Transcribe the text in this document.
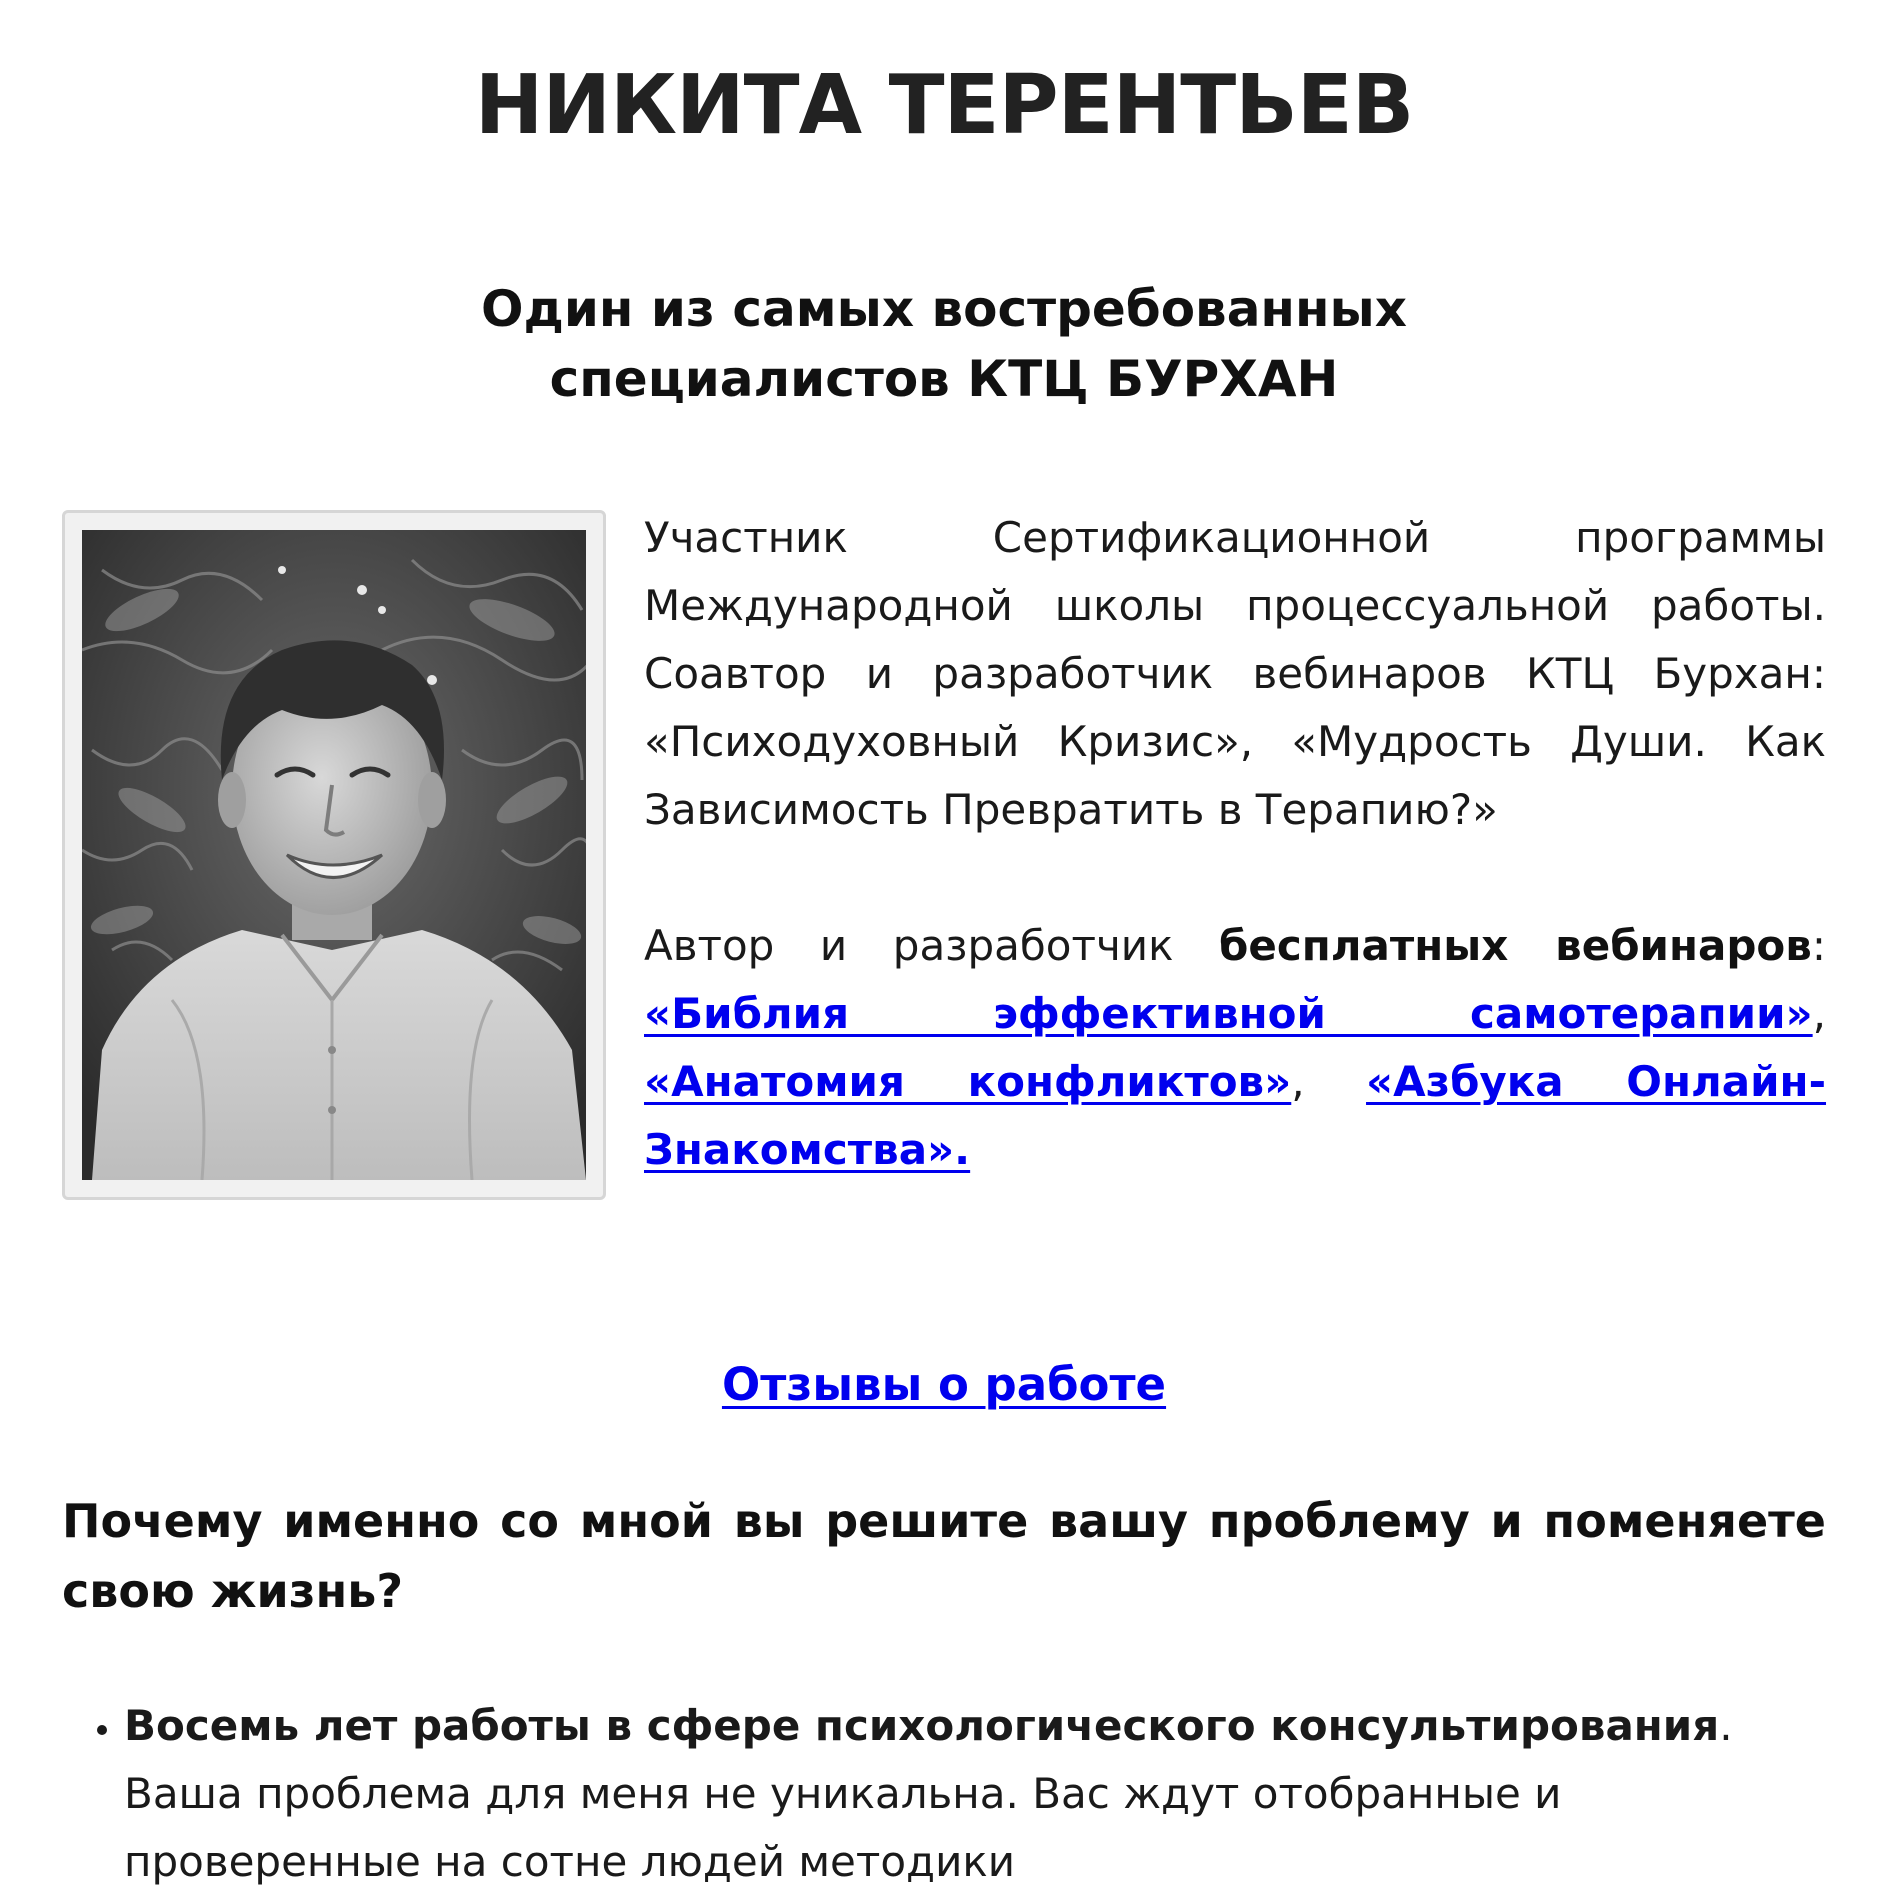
НИКИТА ТЕРЕНТЬЕВ
Один из самых востребованных
специалистов КТЦ БУРХАН

Участник Сертификационной программы Международной школы процессуальной работы. Соавтор и разработчик вебинаров КТЦ Бурхан: «Психодуховный Кризис», «Мудрость Души. Как Зависимость Превратить в Терапию?»

Автор и разработчик бесплатных вебинаров: «Библия эффективной самотерапии», «Анатомия конфликтов», «Азбука Онлайн-Знакомства».

Отзывы о работе

Почему именно со мной вы решите вашу проблему и поменяете свою жизнь?

• Восемь лет работы в сфере психологического консультирования. Ваша проблема для меня не уникальна. Вас ждут отобранные и проверенные на сотне людей методики
